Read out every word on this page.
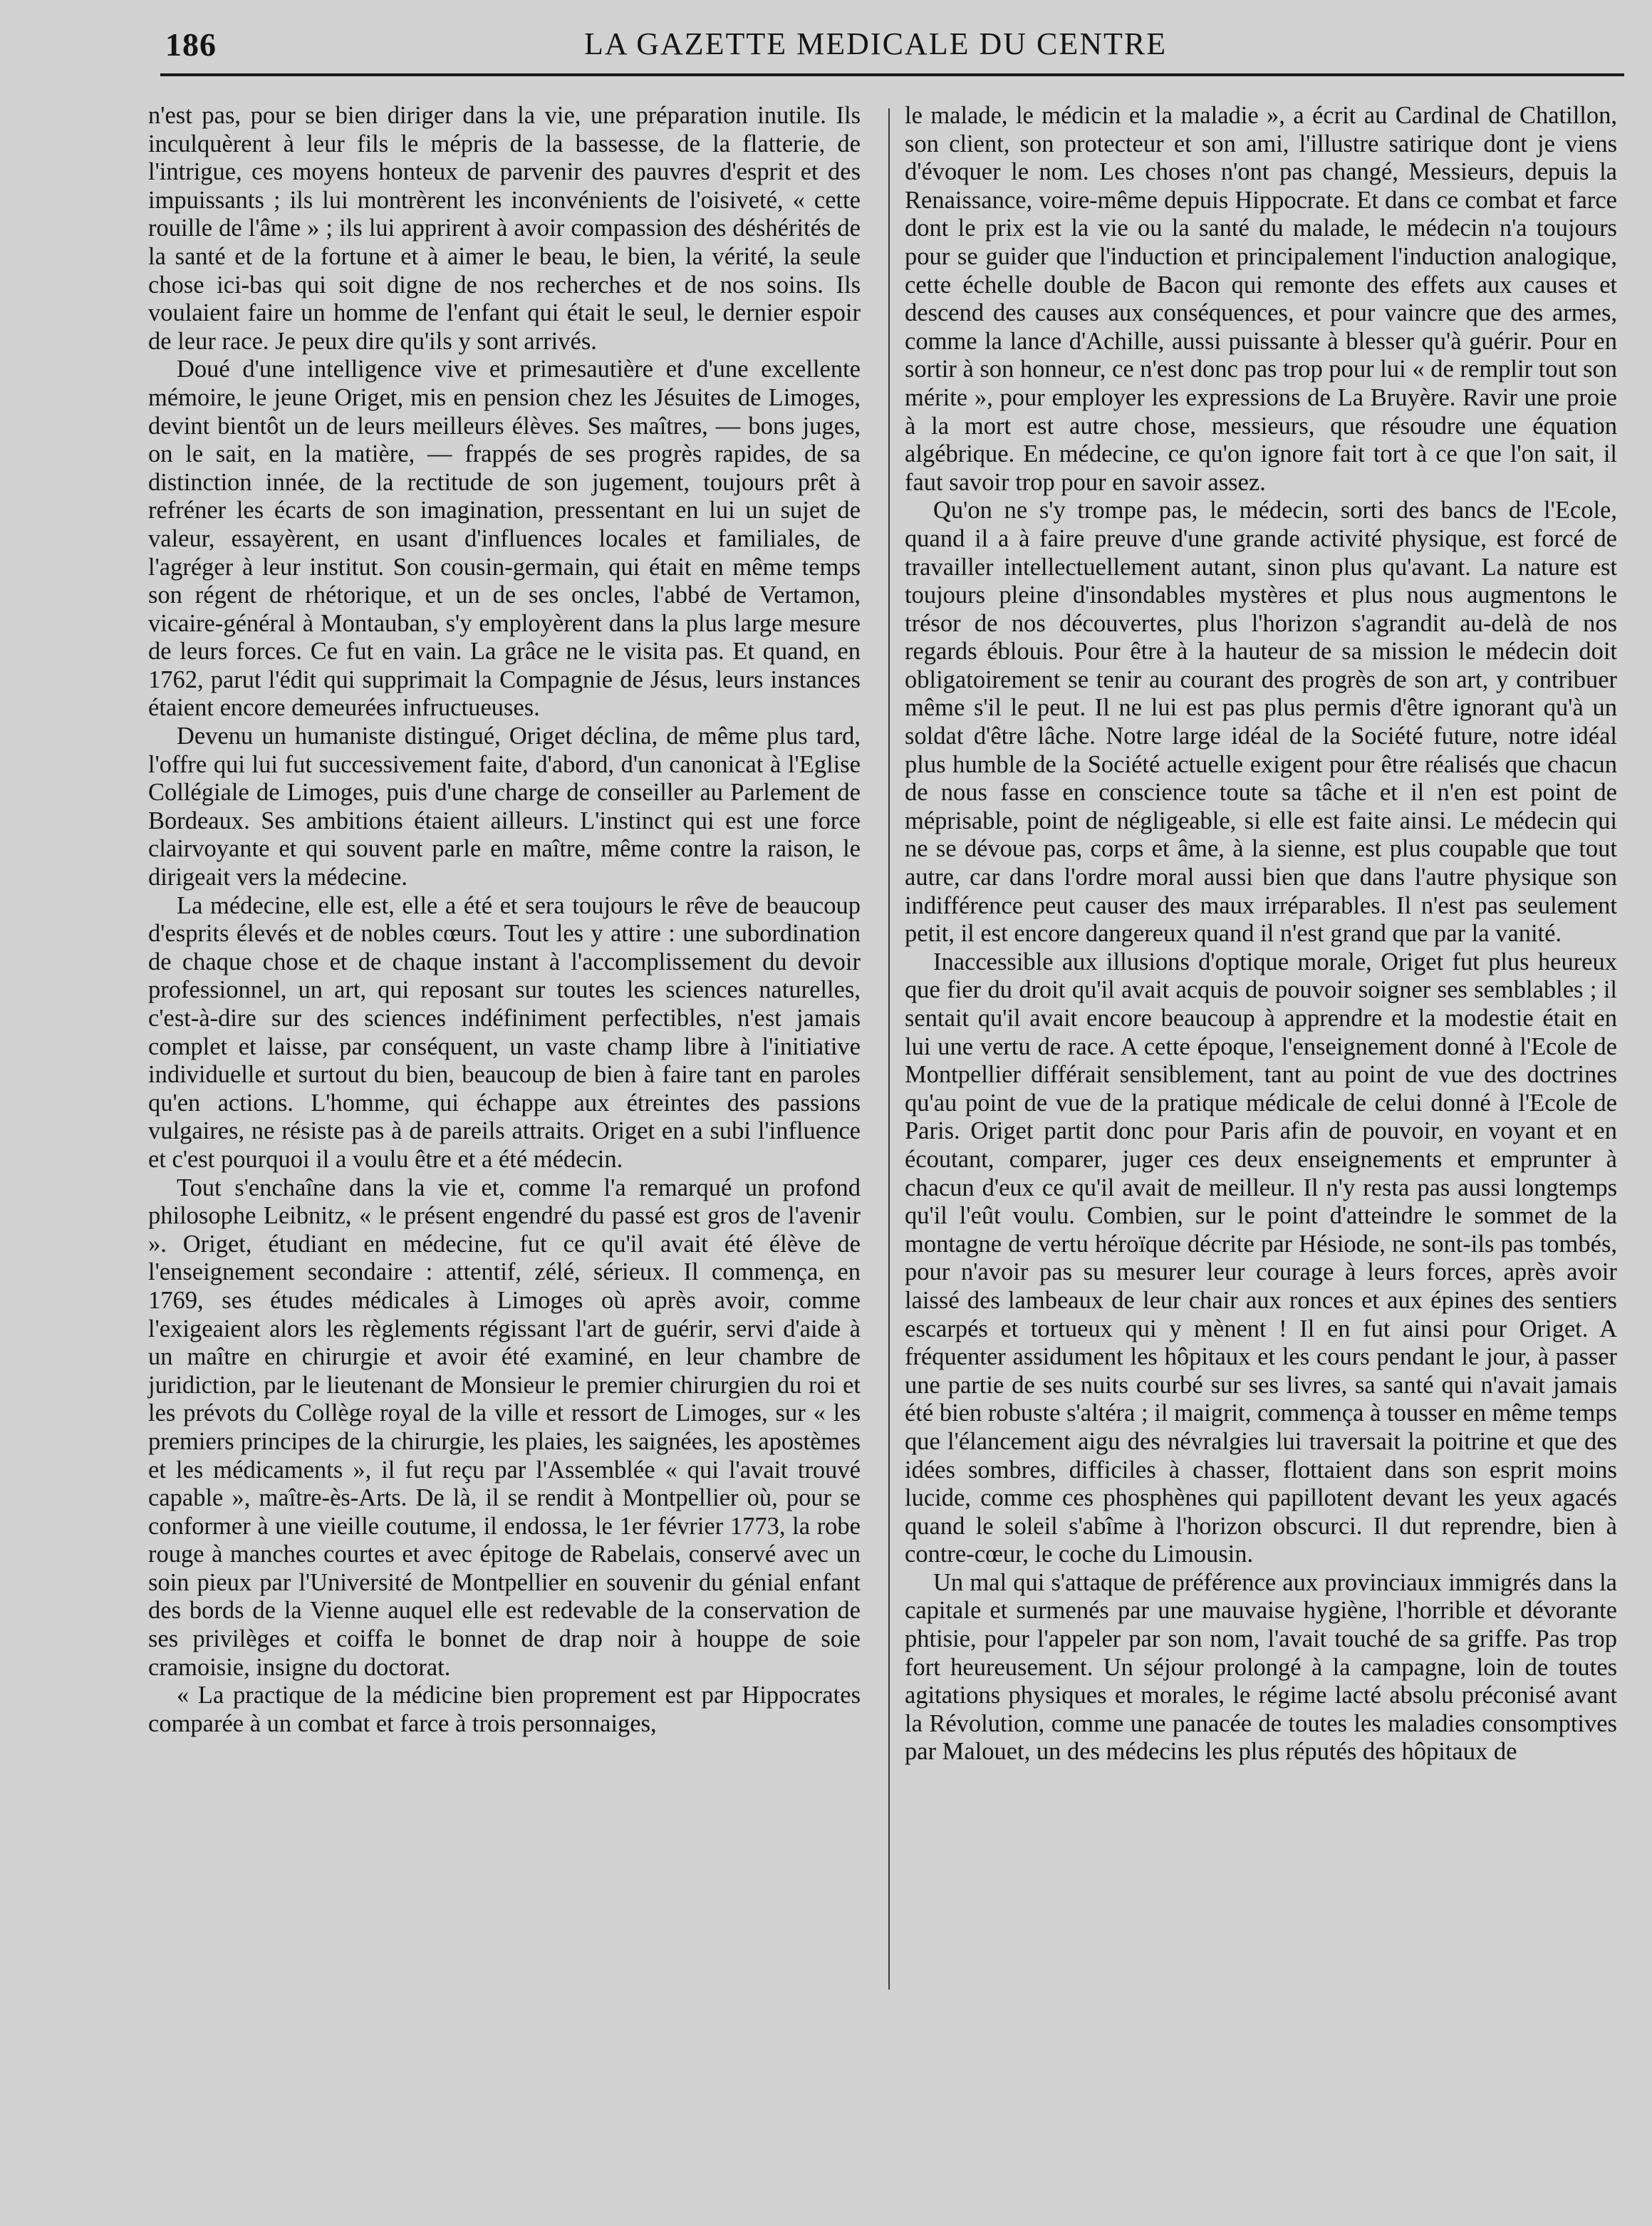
186	LA GAZETTE MEDICALE DU CENTRE

n'est pas, pour se bien diriger dans la vie, une préparation inutile. Ils inculquèrent à leur fils le mépris de la bassesse, de la flatterie, de l'intrigue, ces moyens honteux de parvenir des pauvres d'esprit et des impuissants ; ils lui montrèrent les inconvénients de l'oisiveté, « cette rouille de l'âme » ; ils lui apprirent à avoir compassion des déshérités de la santé et de la fortune et à aimer le beau, le bien, la vérité, la seule chose ici-bas qui soit digne de nos recherches et de nos soins. Ils voulaient faire un homme de l'enfant qui était le seul, le dernier espoir de leur race. Je peux dire qu'ils y sont arrivés.

Doué d'une intelligence vive et primesautière et d'une excellente mémoire, le jeune Origet, mis en pension chez les Jésuites de Limoges, devint bientôt un de leurs meilleurs élèves. Ses maîtres, — bons juges, on le sait, en la matière, — frappés de ses progrès rapides, de sa distinction innée, de la rectitude de son jugement, toujours prêt à refréner les écarts de son imagination, pressentant en lui un sujet de valeur, essayèrent, en usant d'influences locales et familiales, de l'agréger à leur institut. Son cousin-germain, qui était en même temps son régent de rhétorique, et un de ses oncles, l'abbé de Vertamon, vicaire-général à Montauban, s'y employèrent dans la plus large mesure de leurs forces. Ce fut en vain. La grâce ne le visita pas. Et quand, en 1762, parut l'édit qui supprimait la Compagnie de Jésus, leurs instances étaient encore demeurées infructueuses.

Devenu un humaniste distingué, Origet déclina, de même plus tard, l'offre qui lui fut successivement faite, d'abord, d'un canonicat à l'Eglise Collégiale de Limoges, puis d'une charge de conseiller au Parlement de Bordeaux. Ses ambitions étaient ailleurs. L'instinct qui est une force clairvoyante et qui souvent parle en maître, même contre la raison, le dirigeait vers la médecine.

La médecine, elle est, elle a été et sera toujours le rêve de beaucoup d'esprits élevés et de nobles cœurs. Tout les y attire : une subordination de chaque chose et de chaque instant à l'accomplissement du devoir professionnel, un art, qui reposant sur toutes les sciences naturelles, c'est-à-dire sur des sciences indéfiniment perfectibles, n'est jamais complet et laisse, par conséquent, un vaste champ libre à l'initiative individuelle et surtout du bien, beaucoup de bien à faire tant en paroles qu'en actions. L'homme, qui échappe aux étreintes des passions vulgaires, ne résiste pas à de pareils attraits. Origet en a subi l'influence et c'est pourquoi il a voulu être et a été médecin.

Tout s'enchaîne dans la vie et, comme l'a remarqué un profond philosophe Leibnitz, « le présent engendré du passé est gros de l'avenir ». Origet, étudiant en médecine, fut ce qu'il avait été élève de l'enseignement secondaire : attentif, zélé, sérieux. Il commença, en 1769, ses études médicales à Limoges où après avoir, comme l'exigeaient alors les règlements régissant l'art de guérir, servi d'aide à un maître en chirurgie et avoir été examiné, en leur chambre de juridiction, par le lieutenant de Monsieur le premier chirurgien du roi et les prévots du Collège royal de la ville et ressort de Limoges, sur « les premiers principes de la chirurgie, les plaies, les saignées, les apostèmes et les médicaments », il fut reçu par l'Assemblée « qui l'avait trouvé capable », maître-ès-Arts. De là, il se rendit à Montpellier où, pour se conformer à une vieille coutume, il endossa, le 1er février 1773, la robe rouge à manches courtes et avec épitoge de Rabelais, conservé avec un soin pieux par l'Université de Montpellier en souvenir du génial enfant des bords de la Vienne auquel elle est redevable de la conservation de ses privilèges et coiffa le bonnet de drap noir à houppe de soie cramoisie, insigne du doctorat.

« La practique de la médicine bien proprement est par Hippocrates comparée à un combat et farce à trois personnaiges,

le malade, le médicin et la maladie », a écrit au Cardinal de Chatillon, son client, son protecteur et son ami, l'illustre satirique dont je viens d'évoquer le nom. Les choses n'ont pas changé, Messieurs, depuis la Renaissance, voire-même depuis Hippocrate. Et dans ce combat et farce dont le prix est la vie ou la santé du malade, le médecin n'a toujours pour se guider que l'induction et principalement l'induction analogique, cette échelle double de Bacon qui remonte des effets aux causes et descend des causes aux conséquences, et pour vaincre que des armes, comme la lance d'Achille, aussi puissante à blesser qu'à guérir. Pour en sortir à son honneur, ce n'est donc pas trop pour lui « de remplir tout son mérite », pour employer les expressions de La Bruyère. Ravir une proie à la mort est autre chose, messieurs, que résoudre une équation algébrique. En médecine, ce qu'on ignore fait tort à ce que l'on sait, il faut savoir trop pour en savoir assez.

Qu'on ne s'y trompe pas, le médecin, sorti des bancs de l'Ecole, quand il a à faire preuve d'une grande activité physique, est forcé de travailler intellectuellement autant, sinon plus qu'avant. La nature est toujours pleine d'insondables mystères et plus nous augmentons le trésor de nos découvertes, plus l'horizon s'agrandit au-delà de nos regards éblouis. Pour être à la hauteur de sa mission le médecin doit obligatoirement se tenir au courant des progrès de son art, y contribuer même s'il le peut. Il ne lui est pas plus permis d'être ignorant qu'à un soldat d'être lâche. Notre large idéal de la Société future, notre idéal plus humble de la Société actuelle exigent pour être réalisés que chacun de nous fasse en conscience toute sa tâche et il n'en est point de méprisable, point de négligeable, si elle est faite ainsi. Le médecin qui ne se dévoue pas, corps et âme, à la sienne, est plus coupable que tout autre, car dans l'ordre moral aussi bien que dans l'autre physique son indifférence peut causer des maux irréparables. Il n'est pas seulement petit, il est encore dangereux quand il n'est grand que par la vanité.

Inaccessible aux illusions d'optique morale, Origet fut plus heureux que fier du droit qu'il avait acquis de pouvoir soigner ses semblables ; il sentait qu'il avait encore beaucoup à apprendre et la modestie était en lui une vertu de race. A cette époque, l'enseignement donné à l'Ecole de Montpellier différait sensiblement, tant au point de vue des doctrines qu'au point de vue de la pratique médicale de celui donné à l'Ecole de Paris. Origet partit donc pour Paris afin de pouvoir, en voyant et en écoutant, comparer, juger ces deux enseignements et emprunter à chacun d'eux ce qu'il avait de meilleur. Il n'y resta pas aussi longtemps qu'il l'eût voulu. Combien, sur le point d'atteindre le sommet de la montagne de vertu héroïque décrite par Hésiode, ne sont-ils pas tombés, pour n'avoir pas su mesurer leur courage à leurs forces, après avoir laissé des lambeaux de leur chair aux ronces et aux épines des sentiers escarpés et tortueux qui y mènent ! Il en fut ainsi pour Origet. A fréquenter assidument les hôpitaux et les cours pendant le jour, à passer une partie de ses nuits courbé sur ses livres, sa santé qui n'avait jamais été bien robuste s'altéra ; il maigrit, commença à tousser en même temps que l'élancement aigu des névralgies lui traversait la poitrine et que des idées sombres, difficiles à chasser, flottaient dans son esprit moins lucide, comme ces phosphènes qui papillotent devant les yeux agacés quand le soleil s'abîme à l'horizon obscurci. Il dut reprendre, bien à contre-cœur, le coche du Limousin.

Un mal qui s'attaque de préférence aux provinciaux immigrés dans la capitale et surmenés par une mauvaise hygiène, l'horrible et dévorante phtisie, pour l'appeler par son nom, l'avait touché de sa griffe. Pas trop fort heureusement. Un séjour prolongé à la campagne, loin de toutes agitations physiques et morales, le régime lacté absolu préconisé avant la Révolution, comme une panacée de toutes les maladies consomptives par Malouet, un des médecins les plus réputés des hôpitaux de
